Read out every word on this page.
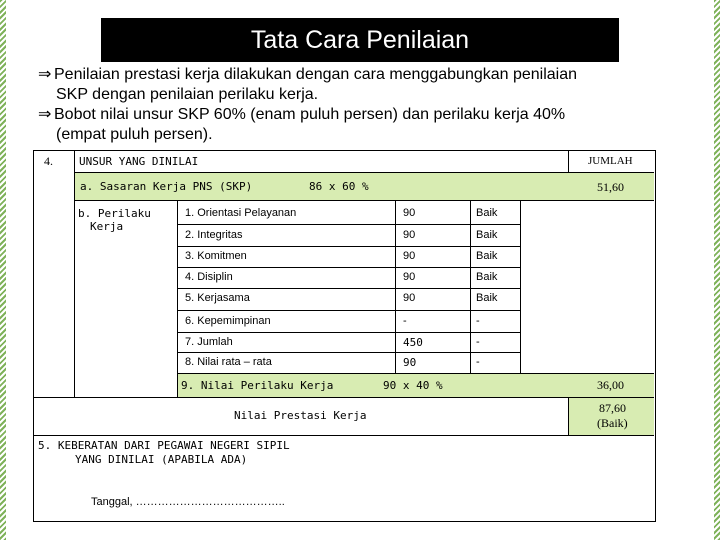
Tata Cara Penilaian
⇒ Penilaian prestasi kerja dilakukan dengan cara menggabungkan penilaian
SKP dengan penilaian perilaku kerja.
⇒ Bobot nilai unsur SKP 60% (enam puluh persen) dan perilaku kerja 40%
(empat puluh persen).
4. UNSUR YANG DINILAI	JUMLAH
a. Sasaran Kerja PNS (SKP)	86 x 60 %	51,60
b. Perilaku
Kerja
1. Orientasi Pelayanan	90	Baik
2. Integritas	90	Baik
3. Komitmen	90	Baik
4. Disiplin	90	Baik
5. Kerjasama	90	Baik
6. Kepemimpinan	-	-
7. Jumlah	450	-
8. Nilai rata – rata	90	-
9. Nilai Perilaku Kerja	90 x 40 %	36,00
Nilai Prestasi Kerja
87,60
(Baik)
5. KEBERATAN DARI PEGAWAI NEGERI SIPIL
YANG DINILAI (APABILA ADA)
Tanggal, …………………………………..
